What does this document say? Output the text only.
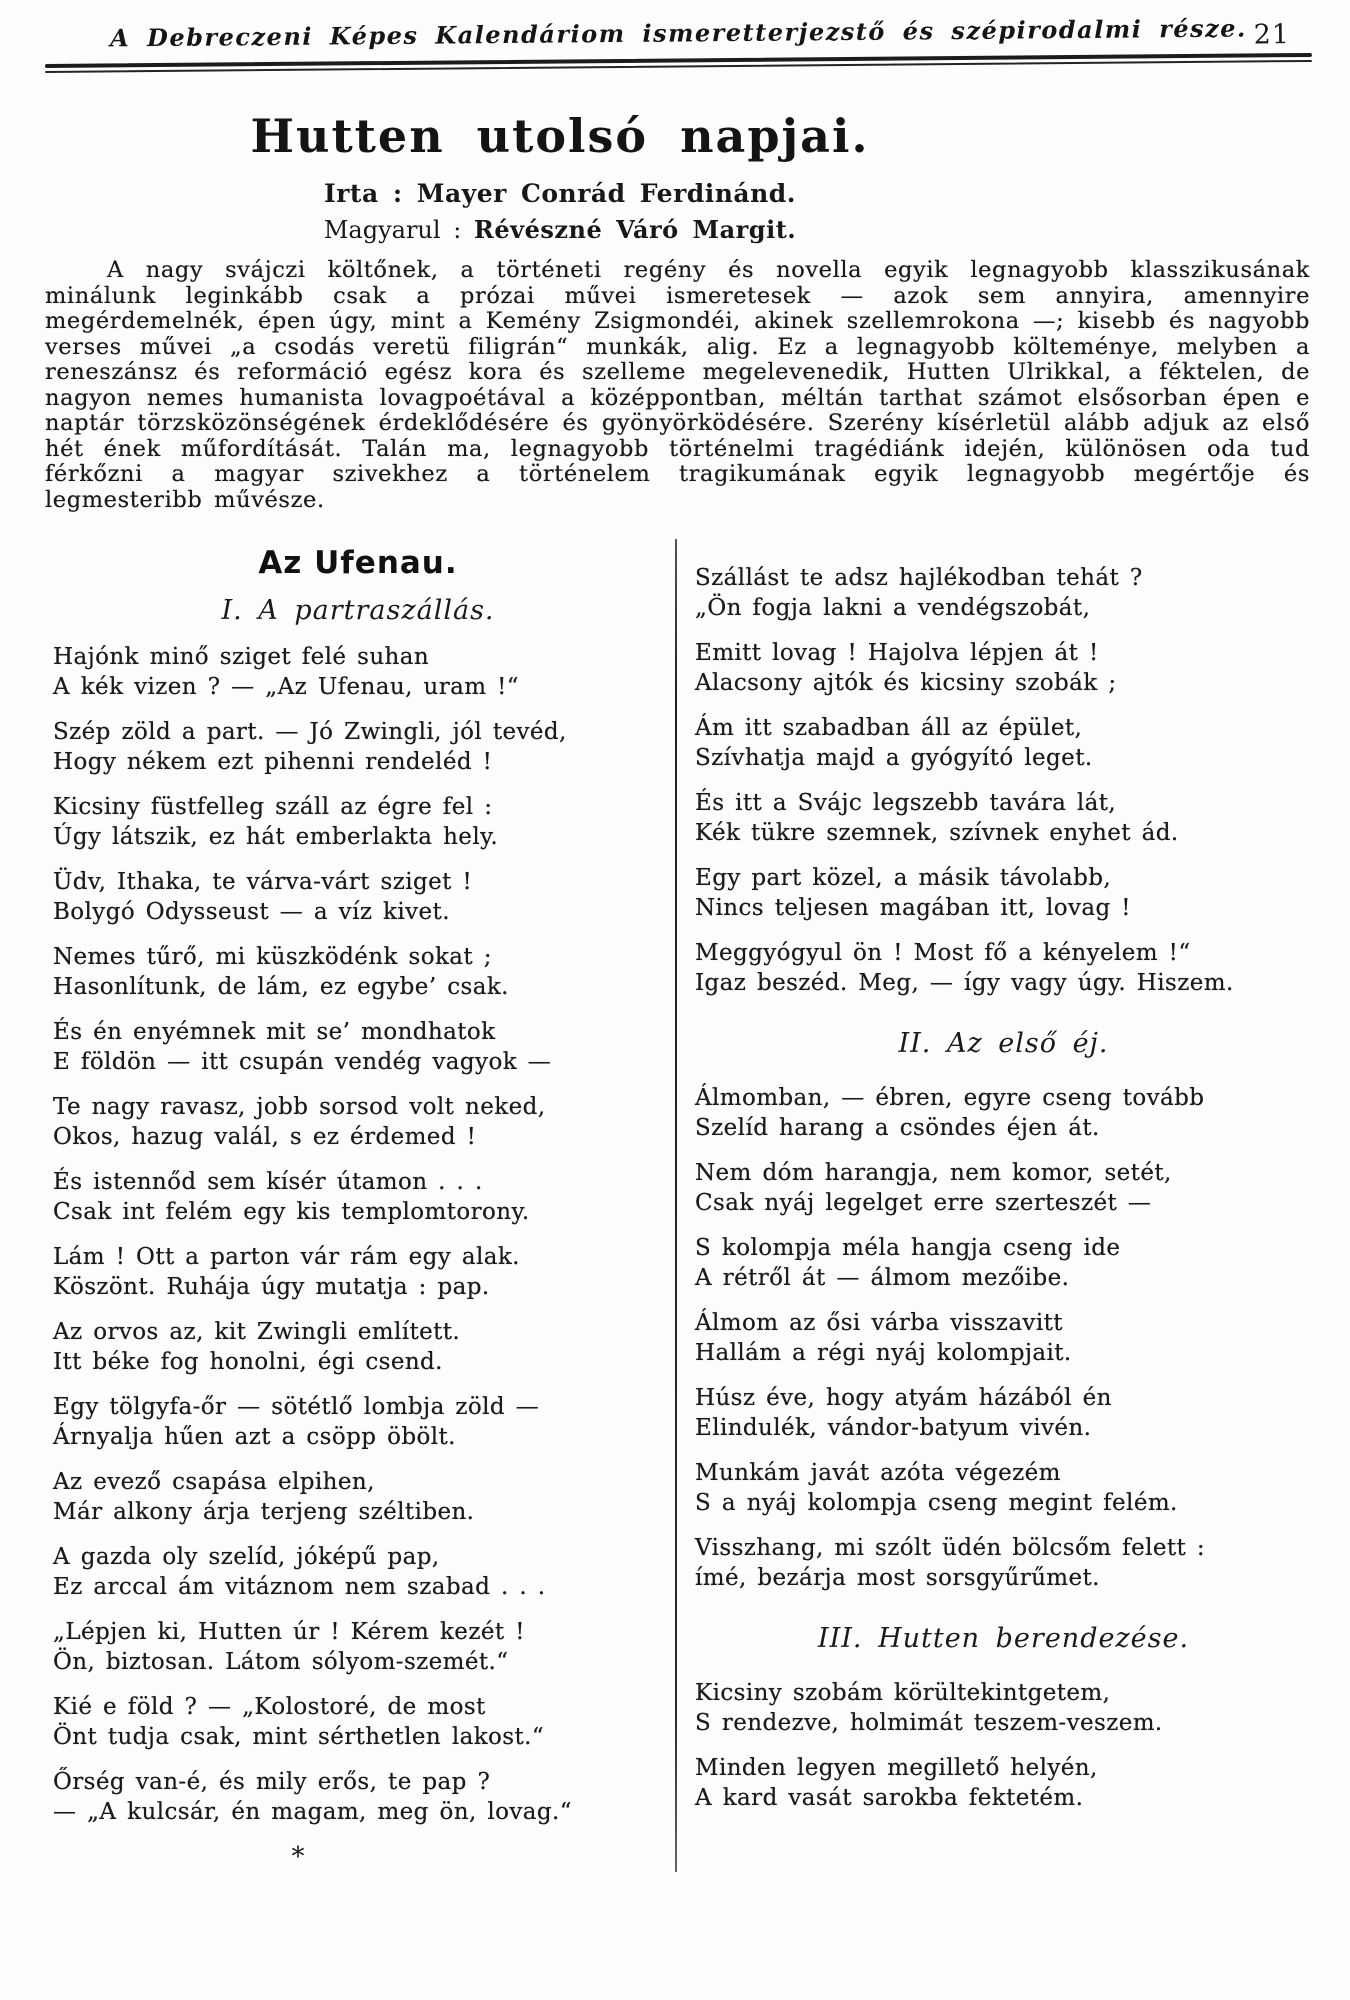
A Debreczeni Képes Kalendáriom ismeretterjezstő és szépirodalmi része. 21
Hutten utolsó napjai.

Irta : Mayer Conrád Ferdinánd.

Magyarul : Révészné Váró Margit.

A nagy svájczi költőnek, a történeti regény és novella egyik legnagyobb klasszikusának minálunk leginkább csak a prózai művei ismeretesek — azok sem annyira, amennyire megérdemelnék, épen úgy, mint a Kemény Zsigmondéi, akinek szellemrokona —; kisebb és nagyobb verses művei „a csodás veretü filigrán“ munkák, alig. Ez a legnagyobb költeménye, melyben a reneszánsz és reformáció egész kora és szelleme megelevenedik, Hutten Ulrikkal, a féktelen, de nagyon nemes humanista lovagpoétával a középpontban, méltán tarthat számot elsősorban épen e naptár törzsközönségének érdeklődésére és gyönyörködésére. Szerény kísérletül alább adjuk az első hét ének műfordítását. Talán ma, legnagyobb történelmi tragédiánk idején, különösen oda tud férkőzni a magyar szivekhez a történelem tragikumának egyik legnagyobb megértője és legmesteribb művésze.

Az Ufenau.
I. A partraszállás.

Hajónk minő sziget felé suhan
A kék vizen ? — „Az Ufenau, uram !“

Szép zöld a part. — Jó Zwingli, jól tevéd,
Hogy nékem ezt pihenni rendeléd !

Kicsiny füstfelleg száll az égre fel :
Úgy látszik, ez hát emberlakta hely.

Üdv, Ithaka, te várva-várt sziget !
Bolygó Odysseust — a víz kivet.

Nemes tűrő, mi küszködénk sokat ;
Hasonlítunk, de lám, ez egybe’ csak.

És én enyémnek mit se’ mondhatok
E földön — itt csupán vendég vagyok —

Te nagy ravasz, jobb sorsod volt neked,
Okos, hazug valál, s ez érdemed !

És istennőd sem kísér útamon . . .
Csak int felém egy kis templomtorony.

Lám ! Ott a parton vár rám egy alak.
Köszönt. Ruhája úgy mutatja : pap.

Az orvos az, kit Zwingli említett.
Itt béke fog honolni, égi csend.

Egy tölgyfa-őr — sötétlő lombja zöld —
Árnyalja hűen azt a csöpp öbölt.

Az evező csapása elpihen,
Már alkony árja terjeng széltiben.

A gazda oly szelíd, jóképű pap,
Ez arccal ám vitáznom nem szabad . . .

„Lépjen ki, Hutten úr ! Kérem kezét !
Ön, biztosan. Látom sólyom-szemét.“

Kié e föld ? — „Kolostoré, de most
Önt tudja csak, mint sérthetlen lakost.“

Őrség van-é, és mily erős, te pap ?
— „A kulcsár, én magam, meg ön, lovag.“

*

Szállást te adsz hajlékodban tehát ?
„Ön fogja lakni a vendégszobát,

Emitt lovag ! Hajolva lépjen át !
Alacsony ajtók és kicsiny szobák ;

Ám itt szabadban áll az épület,
Szívhatja majd a gyógyító leget.

És itt a Svájc legszebb tavára lát,
Kék tükre szemnek, szívnek enyhet ád.

Egy part közel, a másik távolabb,
Nincs teljesen magában itt, lovag !

Meggyógyul ön ! Most fő a kényelem !“
Igaz beszéd. Meg, — így vagy úgy. Hiszem.

II. Az első éj.

Álmomban, — ébren, egyre cseng tovább
Szelíd harang a csöndes éjen át.

Nem dóm harangja, nem komor, setét,
Csak nyáj legelget erre szerteszét —

S kolompja méla hangja cseng ide
A rétről át — álmom mezőibe.

Álmom az ősi várba visszavitt
Hallám a régi nyáj kolompjait.

Húsz éve, hogy atyám házából én
Elindulék, vándor-batyum vivén.

Munkám javát azóta végezém
S a nyáj kolompja cseng megint felém.

Visszhang, mi szólt üdén bölcsőm felett :
ímé, bezárja most sorsgyűrűmet.

III. Hutten berendezése.

Kicsiny szobám körültekintgetem,
S rendezve, holmimát teszem-veszem.

Minden legyen megillető helyén,
A kard vasát sarokba fektetém.
